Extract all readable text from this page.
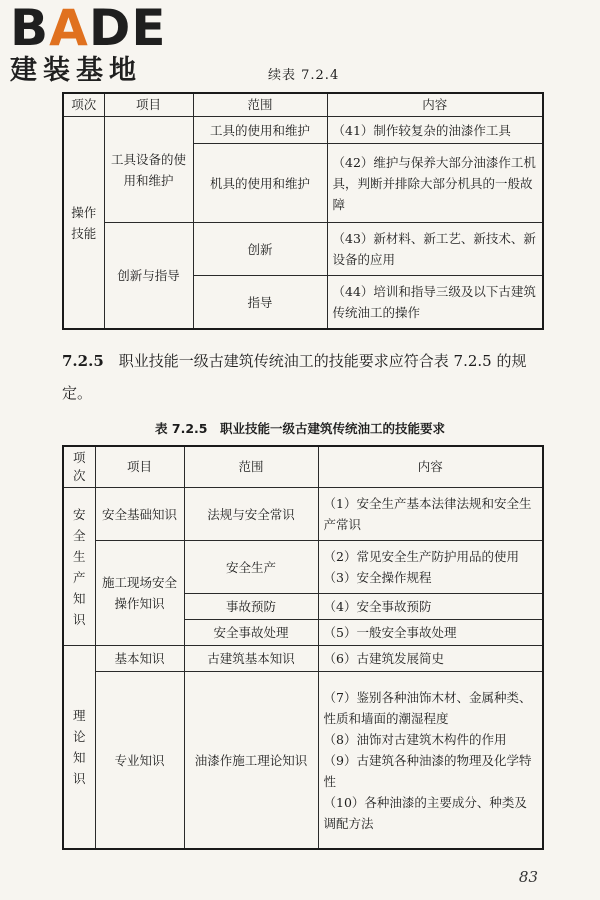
BADE
建装基地	续表 7.2.4
项次	项目	范围	内容
操作技能	工具设备的使用和维护	工具的使用和维护	（41）制作较复杂的油漆作工具
		机具的使用和维护	（42）维护与保养大部分油漆作工机具，判断并排除大部分机具的一般故障
	创新与指导	创新	（43）新材料、新工艺、新技术、新设备的应用
		指导	（44）培训和指导三级及以下古建筑传统油工的操作
7.2.5　 职业技能一级古建筑传统油工的技能要求应符合表 7.2.5 的规定。
表 7.2.5　职业技能一级古建筑传统油工的技能要求
项次	项目	范围	内容
安全生产知识	安全基础知识	法规与安全常识	（1）安全生产基本法律法规和安全生产常识
	施工现场安全操作知识	安全生产	（2）常见安全生产防护用品的使用
（3）安全操作规程

		事故预防	（4）安全事故预防
		安全事故处理	（5）一般安全事故处理
理论知识	基本知识	古建筑基本知识	（6）古建筑发展简史
	专业知识	油漆作施工理论知识	（7）鉴别各种油饰木材、金属种类、性质和墙面的潮湿程度
（8）油饰对古建筑木构件的作用
（9）古建筑各种油漆的物理及化学特性
（10）各种油漆的主要成分、种类及调配方法
83
